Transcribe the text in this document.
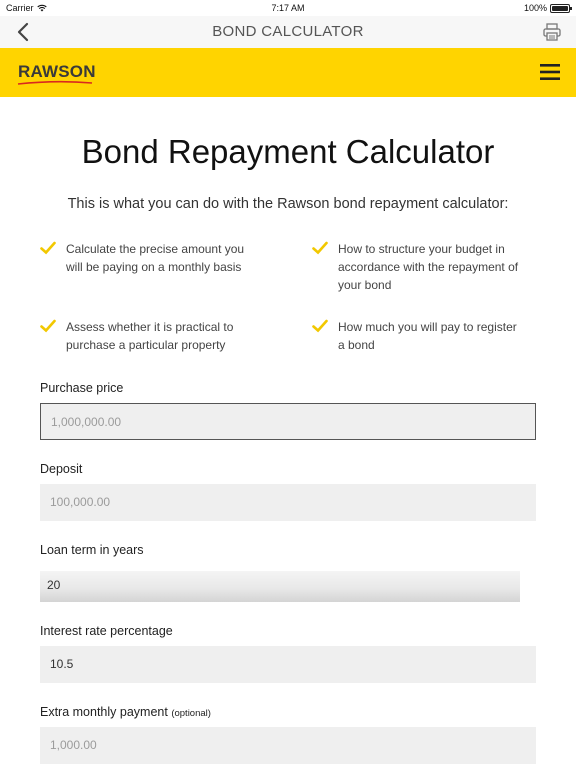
Carrier	7:17 AM	100%
BOND CALCULATOR
RAWSON
Bond Repayment Calculator

This is what you can do with the Rawson bond repayment calculator:

Calculate the precise amount you will be paying on a monthly basis
How to structure your budget in accordance with the repayment of your bond
Assess whether it is practical to purchase a particular property
How much you will pay to register a bond
Purchase price
1,000,000.00
Deposit
100,000.00
Loan term in years
20
Interest rate percentage
10.5
Extra monthly payment (optional)
1,000.00
